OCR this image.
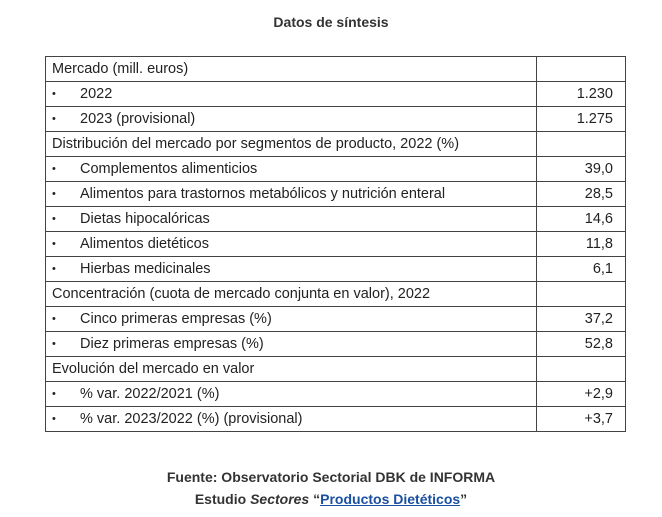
Datos de síntesis
Mercado (mill. euros)	
• 2022	1.230
• 2023 (provisional)	1.275
Distribución del mercado por segmentos de producto, 2022 (%)	
• Complementos alimenticios	39,0
• Alimentos para trastornos metabólicos y nutrición enteral	28,5
• Dietas hipocalóricas	14,6
• Alimentos dietéticos	11,8
• Hierbas medicinales	6,1
Concentración (cuota de mercado conjunta en valor), 2022	
• Cinco primeras empresas (%)	37,2
• Diez primeras empresas (%)	52,8
Evolución del mercado en valor	
• % var. 2022/2021 (%)	+2,9
• % var. 2023/2022 (%) (provisional)	+3,7
Fuente: Observatorio Sectorial DBK de INFORMA
Estudio Sectores “Productos Dietéticos”
